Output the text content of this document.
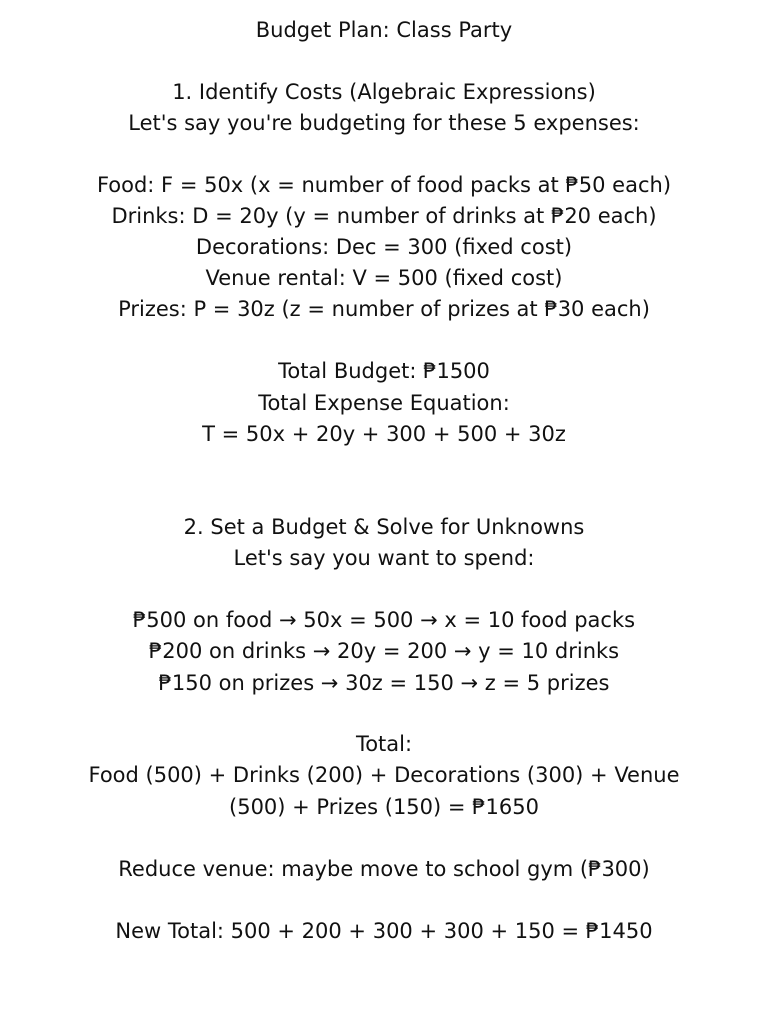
Budget Plan: Class Party
1. Identify Costs (Algebraic Expressions)
Let's say you're budgeting for these 5 expenses:
Food: F = 50x (x = number of food packs at ₱50 each)
Drinks: D = 20y (y = number of drinks at ₱20 each)
Decorations: Dec = 300 (fixed cost)
Venue rental: V = 500 (fixed cost)
Prizes: P = 30z (z = number of prizes at ₱30 each)
Total Budget: ₱1500
Total Expense Equation:
T = 50x + 20y + 300 + 500 + 30z
2. Set a Budget & Solve for Unknowns
Let's say you want to spend:
₱500 on food → 50x = 500 → x = 10 food packs
₱200 on drinks → 20y = 200 → y = 10 drinks
₱150 on prizes → 30z = 150 → z = 5 prizes
Total:
Food (500) + Drinks (200) + Decorations (300) + Venue
(500) + Prizes (150) = ₱1650
Reduce venue: maybe move to school gym (₱300)
New Total: 500 + 200 + 300 + 300 + 150 = ₱1450
